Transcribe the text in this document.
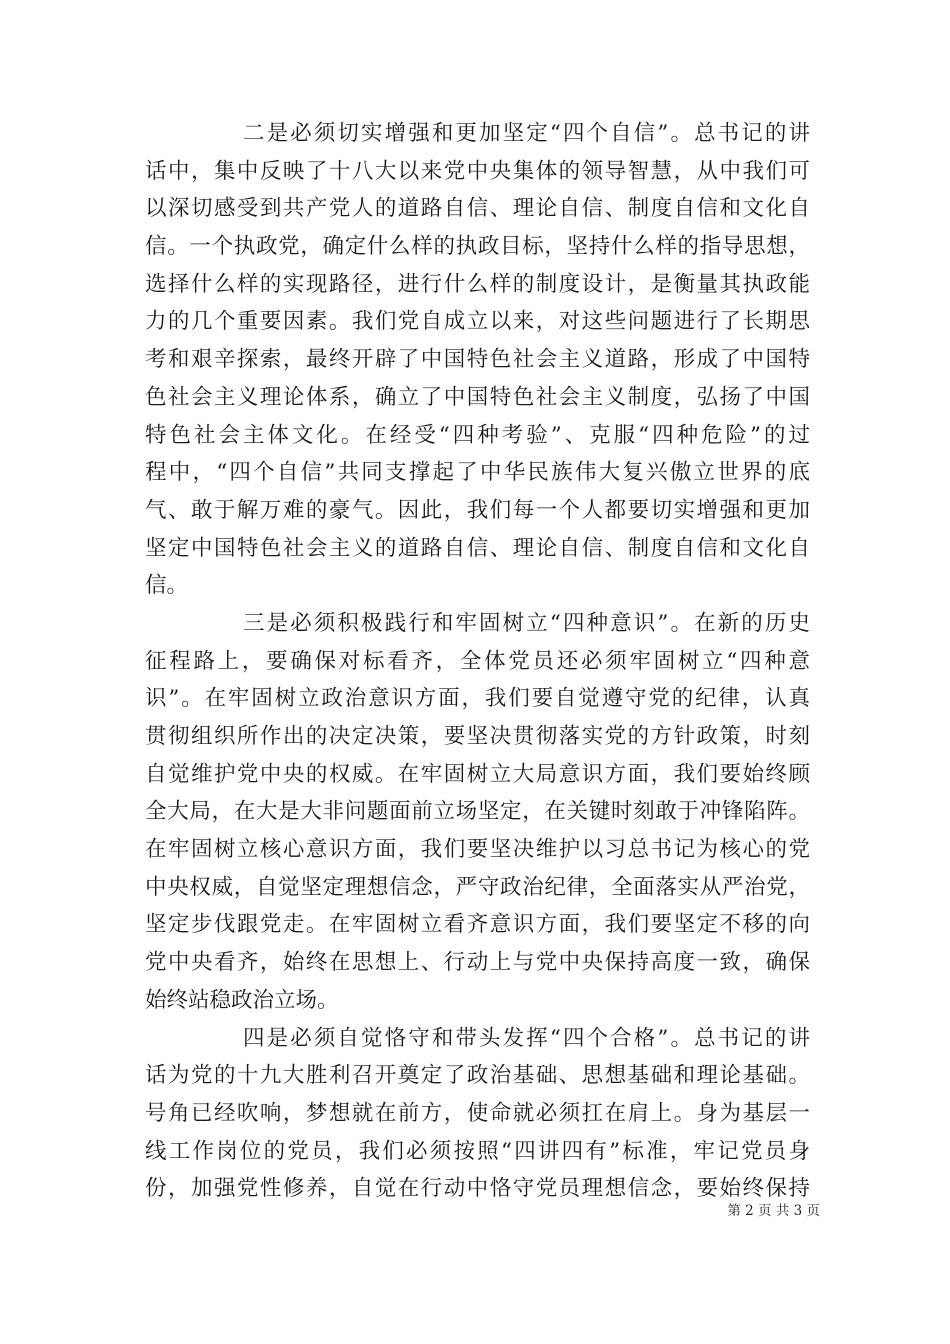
二是必须切实增强和更加坚定“四个自信”。总书记的讲
话中，集中反映了十八大以来党中央集体的领导智慧，从中我们可
以深切感受到共产党人的道路自信、理论自信、制度自信和文化自
信。一个执政党，确定什么样的执政目标，坚持什么样的指导思想，
选择什么样的实现路径，进行什么样的制度设计，是衡量其执政能
力的几个重要因素。我们党自成立以来，对这些问题进行了长期思
考和艰辛探索，最终开辟了中国特色社会主义道路，形成了中国特
色社会主义理论体系，确立了中国特色社会主义制度，弘扬了中国
特色社会主体文化。在经受“四种考验”、克服“四种危险”的过
程中，“四个自信”共同支撑起了中华民族伟大复兴傲立世界的底
气、敢于解万难的豪气。因此，我们每一个人都要切实增强和更加
坚定中国特色社会主义的道路自信、理论自信、制度自信和文化自
信。
三是必须积极践行和牢固树立“四种意识”。在新的历史
征程路上，要确保对标看齐，全体党员还必须牢固树立“四种意
识”。在牢固树立政治意识方面，我们要自觉遵守党的纪律，认真
贯彻组织所作出的决定决策，要坚决贯彻落实党的方针政策，时刻
自觉维护党中央的权威。在牢固树立大局意识方面，我们要始终顾
全大局，在大是大非问题面前立场坚定，在关键时刻敢于冲锋陷阵。
在牢固树立核心意识方面，我们要坚决维护以习总书记为核心的党
中央权威，自觉坚定理想信念，严守政治纪律，全面落实从严治党，
坚定步伐跟党走。在牢固树立看齐意识方面，我们要坚定不移的向
党中央看齐，始终在思想上、行动上与党中央保持高度一致，确保
始终站稳政治立场。
四是必须自觉恪守和带头发挥“四个合格”。总书记的讲
话为党的十九大胜利召开奠定了政治基础、思想基础和理论基础。
号角已经吹响，梦想就在前方，使命就必须扛在肩上。身为基层一
线工作岗位的党员，我们必须按照“四讲四有”标准，牢记党员身
份，加强党性修养，自觉在行动中恪守党员理想信念，要始终保持
第 2 页 共 3 页
